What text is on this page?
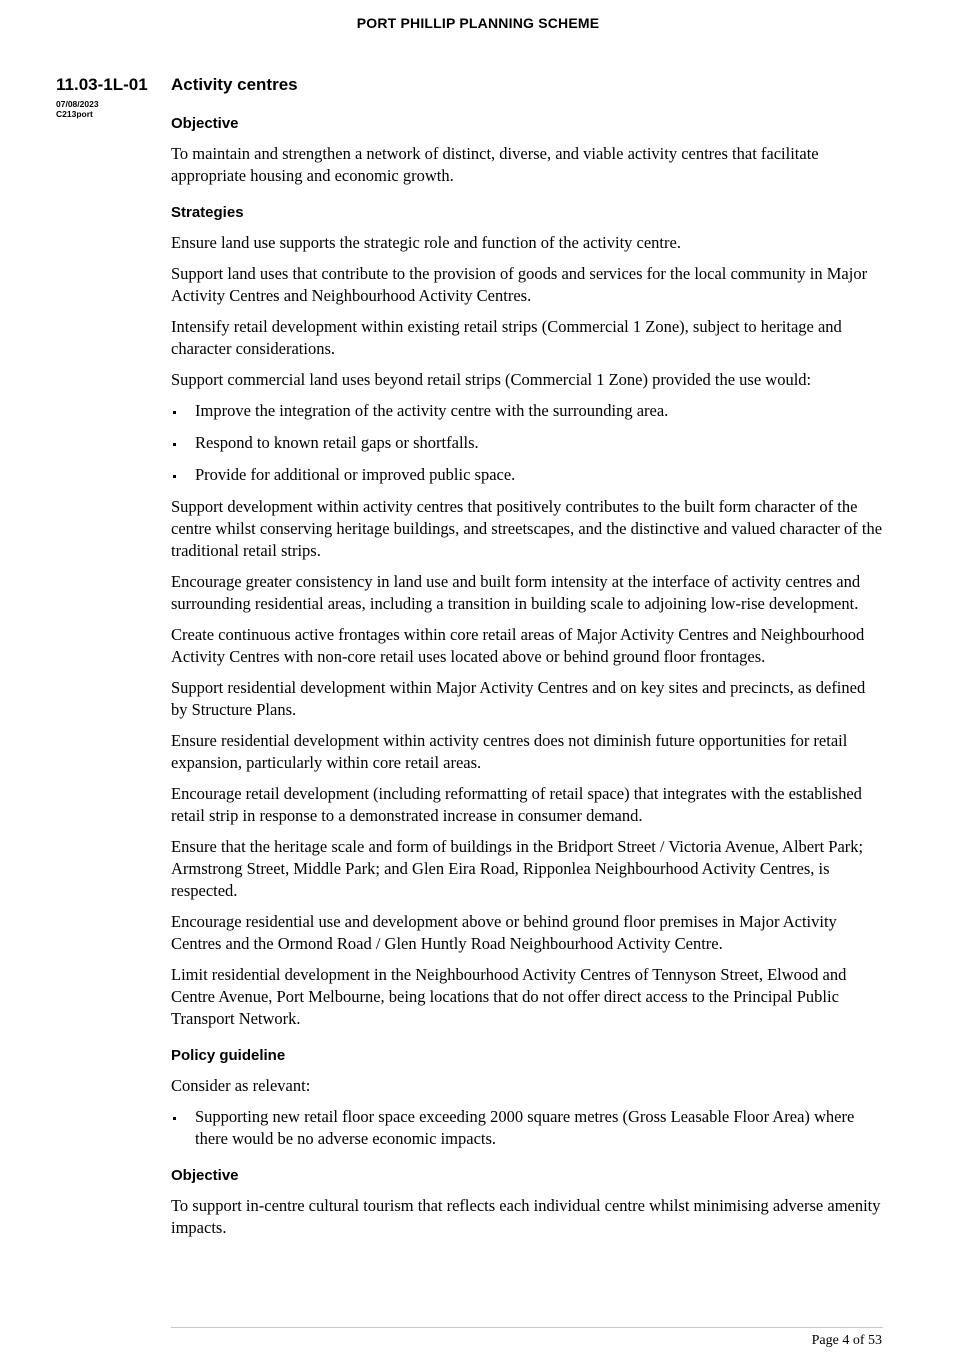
PORT PHILLIP PLANNING SCHEME
11.03-1L-01
07/08/2023
C213port
Activity centres
Objective

To maintain and strengthen a network of distinct, diverse, and viable activity centres that facilitate appropriate housing and economic growth.

Strategies

Ensure land use supports the strategic role and function of the activity centre.

Support land uses that contribute to the provision of goods and services for the local community in Major Activity Centres and Neighbourhood Activity Centres.

Intensify retail development within existing retail strips (Commercial 1 Zone), subject to heritage and character considerations.

Support commercial land uses beyond retail strips (Commercial 1 Zone) provided the use would:

Improve the integration of the activity centre with the surrounding area.
Respond to known retail gaps or shortfalls.
Provide for additional or improved public space.

Support development within activity centres that positively contributes to the built form character of the centre whilst conserving heritage buildings, and streetscapes, and the distinctive and valued character of the traditional retail strips.

Encourage greater consistency in land use and built form intensity at the interface of activity centres and surrounding residential areas, including a transition in building scale to adjoining low-rise development.

Create continuous active frontages within core retail areas of Major Activity Centres and Neighbourhood Activity Centres with non-core retail uses located above or behind ground floor frontages.

Support residential development within Major Activity Centres and on key sites and precincts, as defined by Structure Plans.

Ensure residential development within activity centres does not diminish future opportunities for retail expansion, particularly within core retail areas.

Encourage retail development (including reformatting of retail space) that integrates with the established retail strip in response to a demonstrated increase in consumer demand.

Ensure that the heritage scale and form of buildings in the Bridport Street / Victoria Avenue, Albert Park; Armstrong Street, Middle Park; and Glen Eira Road, Ripponlea Neighbourhood Activity Centres, is respected.

Encourage residential use and development above or behind ground floor premises in Major Activity Centres and the Ormond Road / Glen Huntly Road Neighbourhood Activity Centre.

Limit residential development in the Neighbourhood Activity Centres of Tennyson Street, Elwood and Centre Avenue, Port Melbourne, being locations that do not offer direct access to the Principal Public Transport Network.

Policy guideline

Consider as relevant:

Supporting new retail floor space exceeding 2000 square metres (Gross Leasable Floor Area) where there would be no adverse economic impacts.
Objective

To support in-centre cultural tourism that reflects each individual centre whilst minimising adverse amenity impacts.

Page 4 of 53
